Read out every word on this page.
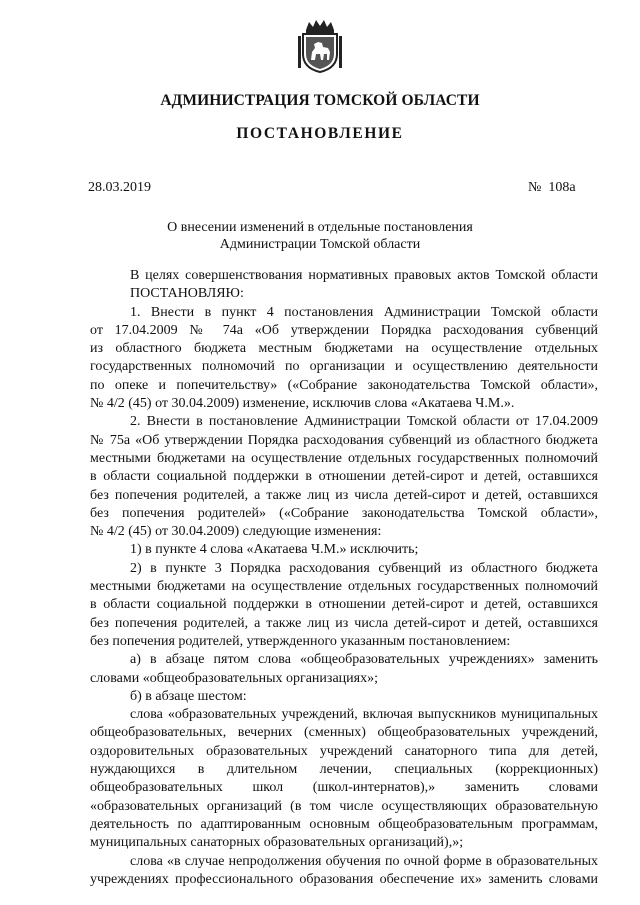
АДМИНИСТРАЦИЯ ТОМСКОЙ ОБЛАСТИ
ПОСТАНОВЛЕНИЕ
28.03.2019	№  108а
О внесении изменений в отдельные постановления
Администрации Томской области

В целях совершенствования нормативных правовых актов Томской области

ПОСТАНОВЛЯЮ:

1. Внести в пункт 4 постановления Администрации Томской области

от 17.04.2009 № 74а «Об утверждении Порядка расходования субвенций

из областного бюджета местным бюджетами на осуществление отдельных

государственных полномочий по организации и осуществлению деятельности

по опеке и попечительству» («Собрание законодательства Томской области»,

№ 4/2 (45) от 30.04.2009) изменение, исключив слова «Акатаева Ч.М.».

2. Внести в постановление Администрации Томской области от 17.04.2009

№ 75а «Об утверждении Порядка расходования субвенций из областного бюджета

местными бюджетами на осуществление отдельных государственных полномочий

в области социальной поддержки в отношении детей-сирот и детей, оставшихся

без попечения родителей, а также лиц из числа детей-сирот и детей, оставшихся

без попечения родителей» («Собрание законодательства Томской области»,

№ 4/2 (45) от 30.04.2009) следующие изменения:

1) в пункте 4 слова «Акатаева Ч.М.» исключить;

2) в пункте 3 Порядка расходования субвенций из областного бюджета

местными бюджетами на осуществление отдельных государственных полномочий

в области социальной поддержки в отношении детей-сирот и детей, оставшихся

без попечения родителей, а также лиц из числа детей-сирот и детей, оставшихся

без попечения родителей, утвержденного указанным постановлением:

а) в абзаце пятом слова «общеобразовательных учреждениях» заменить

словами «общеобразовательных организациях»;

б) в абзаце шестом:

слова «образовательных учреждений, включая выпускников муниципальных

общеобразовательных, вечерних (сменных) общеобразовательных учреждений,

оздоровительных образовательных учреждений санаторного типа для детей,

нуждающихся в длительном лечении, специальных (коррекционных)

общеобразовательных школ (школ-интернатов),» заменить словами

«образовательных организаций (в том числе осуществляющих образовательную

деятельность по адаптированным основным общеобразовательным программам,

муниципальных санаторных образовательных организаций),»;

слова «в случае непродолжения обучения по очной форме в образовательных

учреждениях профессионального образования обеспечение их» заменить словами
